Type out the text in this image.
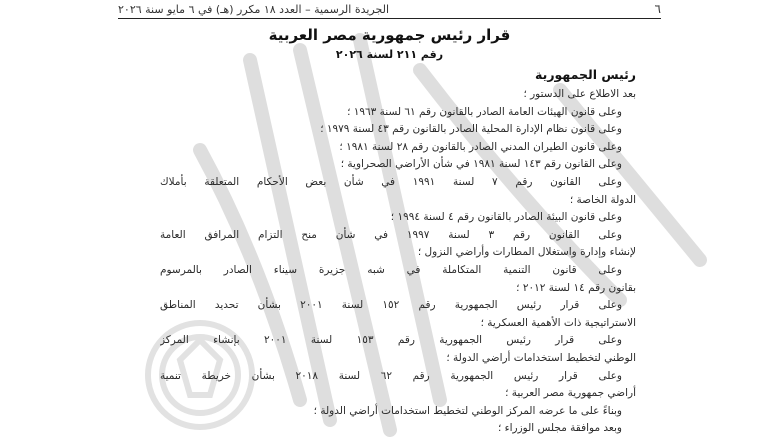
٦
الجريدة الرسمية – العدد ١٨ مكرر (هـ) في ٦ مايو سنة ٢٠٢٦
قرار رئيس جمهورية مصر العربية
رقم ٢١١ لسنة ٢٠٢٦
رئيس الجمهورية
بعد الاطلاع على الدستور ؛
وعلى قانون الهيئات العامة الصادر بالقانون رقم ٦١ لسنة ١٩٦٣ ؛
وعلى قانون نظام الإدارة المحلية الصادر بالقانون رقم ٤٣ لسنة ١٩٧٩ ؛
وعلى قانون الطيران المدني الصادر بالقانون رقم ٢٨ لسنة ١٩٨١ ؛
وعلى القانون رقم ١٤٣ لسنة ١٩٨١ في شأن الأراضي الصحراوية ؛
وعلى القانون رقم ٧ لسنة ١٩٩١ في شأن بعض الأحكام المتعلقة بأملاك
الدولة الخاصة ؛
وعلى قانون البيئة الصادر بالقانون رقم ٤ لسنة ١٩٩٤ ؛
وعلى القانون رقم ٣ لسنة ١٩٩٧ في شأن منح التزام المرافق العامة
لإنشاء وإدارة واستغلال المطارات وأراضي النزول ؛
وعلى قانون التنمية المتكاملة في شبه جزيرة سيناء الصادر بالمرسوم
بقانون رقم ١٤ لسنة ٢٠١٢ ؛
وعلى قرار رئيس الجمهورية رقم ١٥٢ لسنة ٢٠٠١ بشأن تحديد المناطق
الاستراتيجية ذات الأهمية العسكرية ؛
وعلى قرار رئيس الجمهورية رقم ١٥٣ لسنة ٢٠٠١ بإنشاء المركز
الوطني لتخطيط استخدامات أراضي الدولة ؛
وعلى قرار رئيس الجمهورية رقم ٦٢ لسنة ٢٠١٨ بشأن خريطة تنمية
أراضي جمهورية مصر العربية ؛
وبناءً على ما عرضه المركز الوطني لتخطيط استخدامات أراضي الدولة ؛
وبعد موافقة مجلس الوزراء ؛
